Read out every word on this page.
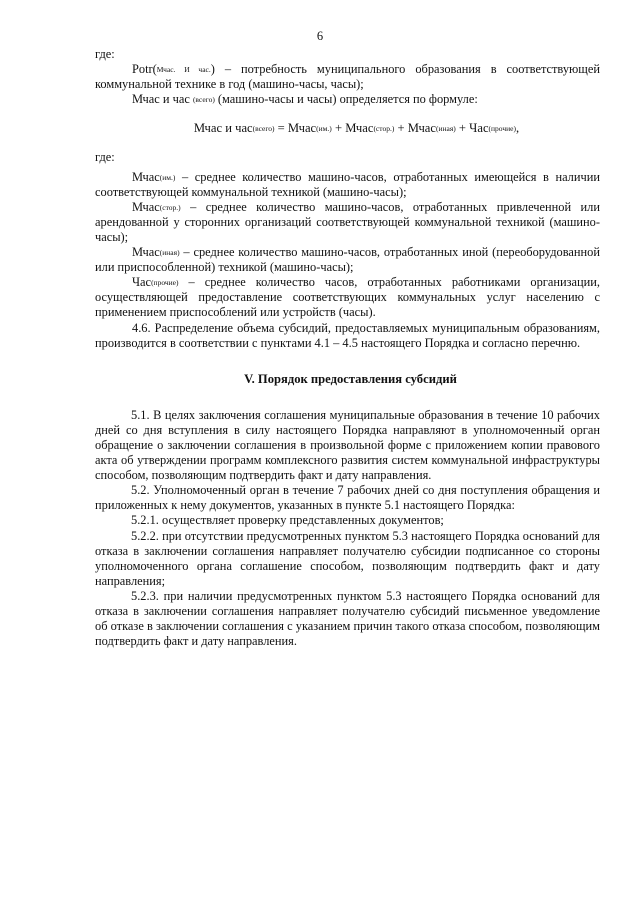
6

где:

Potr(Мчас. И час.) – потребность муниципального образования в соответствующей коммунальной технике в год (машино-часы, часы);

Мчас и час (всего) (машино-часы и часы) определяется по формуле:

Мчас и час(всего) = Мчас(им.) + Мчас(стор.) + Мчас(иная) + Час(прочие),

где:

Мчас(им.) – среднее количество машино-часов, отработанных имеющейся в наличии соответствующей коммунальной техникой (машино-часы);

Мчас(стор.) – среднее количество машино-часов, отработанных привлеченной или арендованной у сторонних организаций соответствующей коммунальной техникой (машино-часы);

Мчас(иная) – среднее количество машино-часов, отработанных иной (переоборудованной или приспособленной) техникой (машино-часы);

Час(прочие) – среднее количество часов, отработанных работниками организации, осуществляющей предоставление соответствующих коммунальных услуг населению с применением приспособлений или устройств (часы).

4.6. Распределение объема субсидий, предоставляемых муниципальным образованиям, производится в соответствии с пунктами 4.1 – 4.5 настоящего Порядка и согласно перечню.

V. Порядок предоставления субсидий

5.1. В целях заключения соглашения муниципальные образования в течение 10 рабочих дней со дня вступления в силу настоящего Порядка направляют в уполномоченный орган обращение о заключении соглашения в произвольной форме с приложением копии правового акта об утверждении программ комплексного развития систем коммунальной инфраструктуры способом, позволяющим подтвердить факт и дату направления.

5.2. Уполномоченный орган в течение 7 рабочих дней со дня поступления обращения и приложенных к нему документов, указанных в пункте 5.1 настоящего Порядка:

5.2.1. осуществляет проверку представленных документов;

5.2.2. при отсутствии предусмотренных пунктом 5.3 настоящего Порядка оснований для отказа в заключении соглашения направляет получателю субсидии подписанное со стороны уполномоченного органа соглашение способом, позволяющим подтвердить факт и дату направления;

5.2.3. при наличии предусмотренных пунктом 5.3 настоящего Порядка оснований для отказа в заключении соглашения направляет получателю субсидий письменное уведомление об отказе в заключении соглашения с указанием причин такого отказа способом, позволяющим подтвердить факт и дату направления.
